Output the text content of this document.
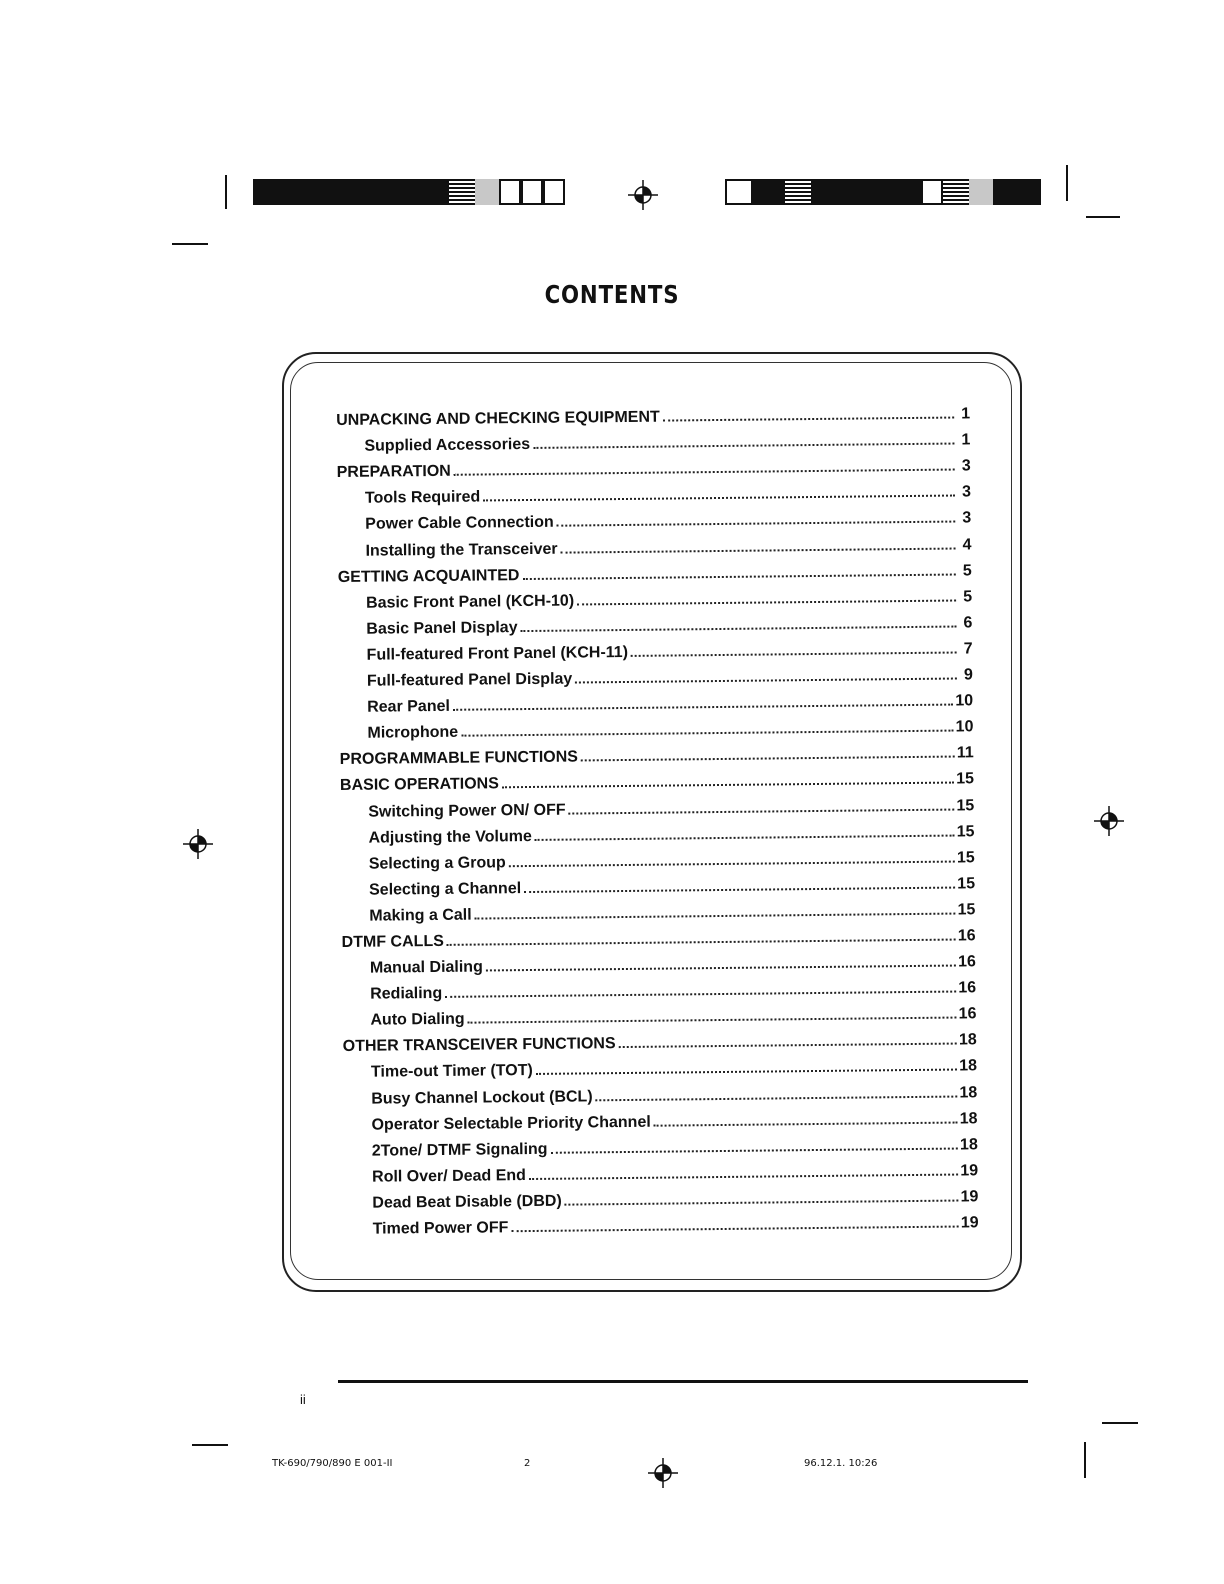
CONTENTS
UNPACKING AND CHECKING EQUIPMENT	1
Supplied Accessories	1
PREPARATION	3
Tools Required	3
Power Cable Connection	3
Installing the Transceiver	4
GETTING ACQUAINTED	5
Basic Front Panel (KCH-10)	5
Basic Panel Display	6
Full-featured Front Panel (KCH-11)	7
Full-featured Panel Display	9
Rear Panel	10
Microphone	10
PROGRAMMABLE FUNCTIONS	11
BASIC OPERATIONS	15
Switching Power ON/ OFF	15
Adjusting the Volume	15
Selecting a Group	15
Selecting a Channel	15
Making a Call	15
DTMF CALLS	16
Manual Dialing	16
Redialing	16
Auto Dialing	16
OTHER TRANSCEIVER FUNCTIONS	18
Time-out Timer (TOT)	18
Busy Channel Lockout (BCL)	18
Operator Selectable Priority Channel	18
2Tone/ DTMF Signaling	18
Roll Over/ Dead End	19
Dead Beat Disable (DBD)	19
Timed Power OFF	19
ii
TK-690/790/890 E 001-II	2	96.12.1. 10:26
